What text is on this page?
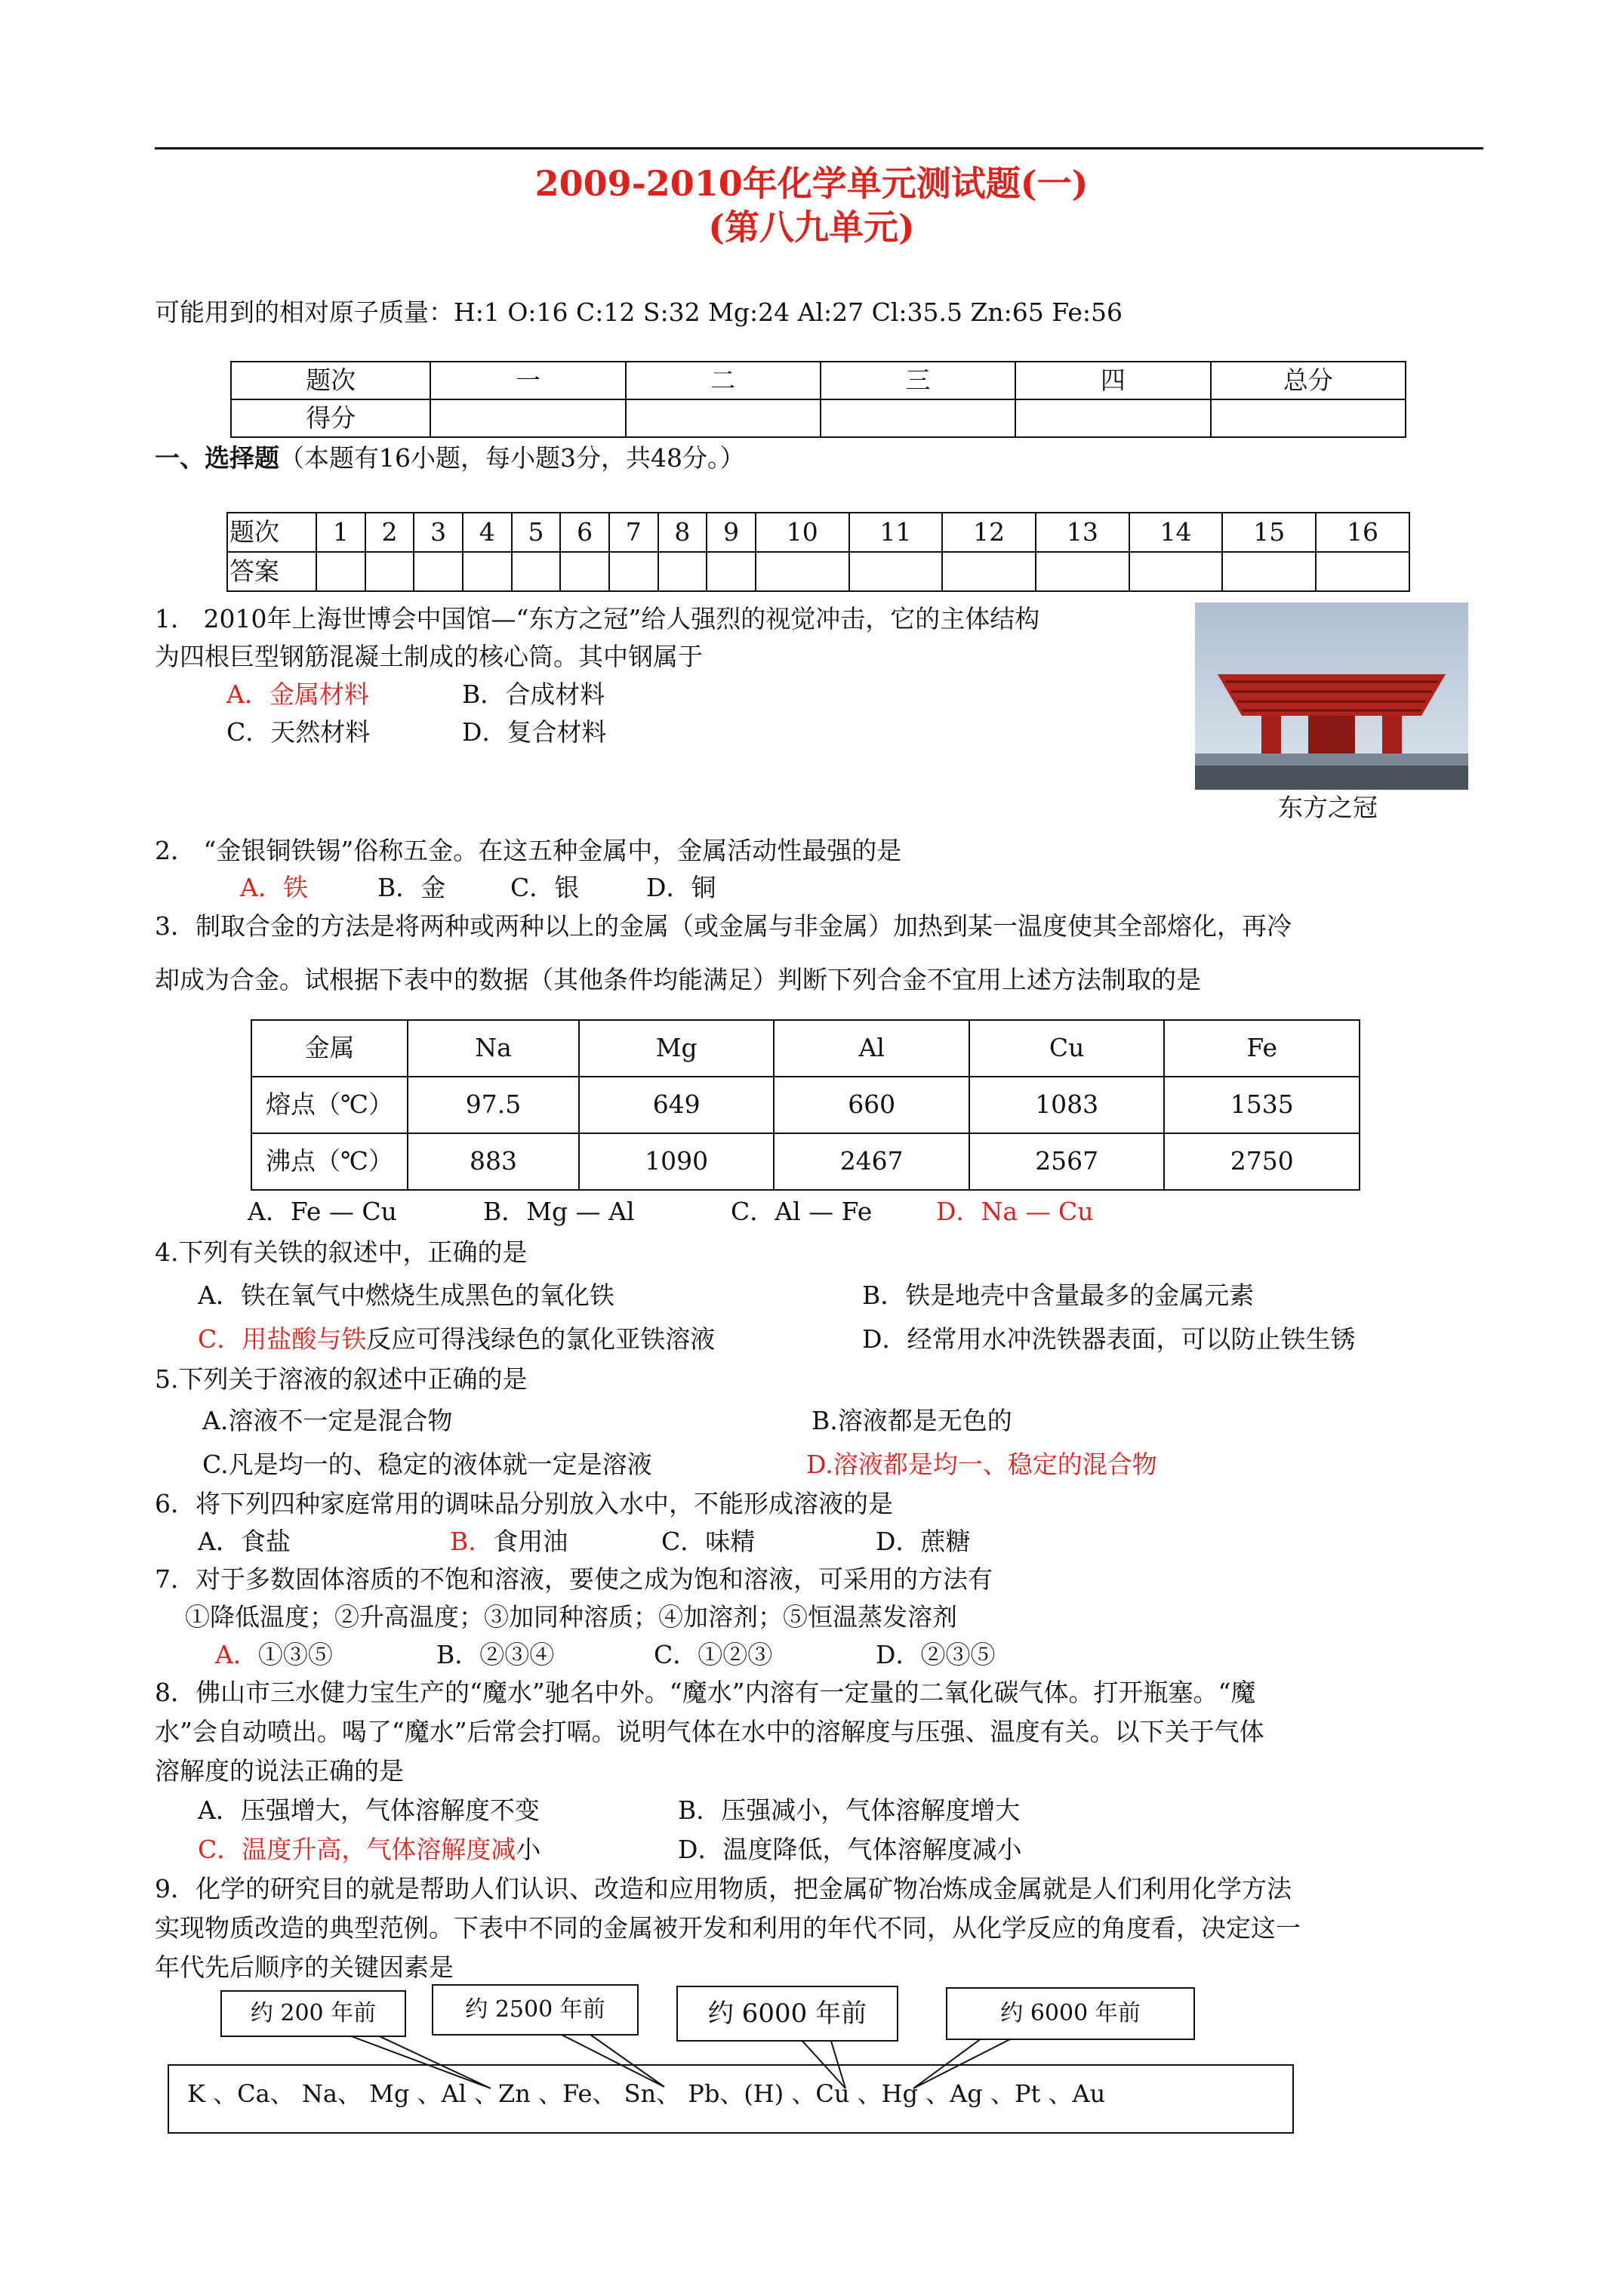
2009-2010年化学单元测试题(一)
(第八九单元)
可能用到的相对原子质量：H:1 O:16 C:12 S:32 Mg:24 Al:27 Cl:35.5 Zn:65 Fe:56
题次	一	二	三	四	总分
得分					
一、选择题（本题有16小题，每小题3分，共48分。）
题次	1	2	3	4	5	6	7	8	9	10	11	12	13	14	15	16
答案																
1． 2010年上海世博会中国馆—“东方之冠”给人强烈的视觉冲击，它的主体结构
为四根巨型钢筋混凝土制成的核心筒。其中钢属于
A．金属材料	B．合成材料
C．天然材料	D．复合材料
东方之冠
2． “金银铜铁锡”俗称五金。在这五种金属中，金属活动性最强的是
A．铁	B．金	C．银	D．铜
3．制取合金的方法是将两种或两种以上的金属（或金属与非金属）加热到某一温度使其全部熔化，再冷
却成为合金。试根据下表中的数据（其他条件均能满足）判断下列合金不宜用上述方法制取的是
金属	Na	Mg	Al	Cu	Fe
熔点（℃）	97.5	649	660	1083	1535
沸点（℃）	883	1090	2467	2567	2750
A．Fe — Cu	B．Mg — Al	C．Al — Fe	D．Na — Cu
4.下列有关铁的叙述中，正确的是
A．铁在氧气中燃烧生成黑色的氧化铁	B．铁是地壳中含量最多的金属元素
C．用盐酸与铁反应可得浅绿色的氯化亚铁溶液	D．经常用水冲洗铁器表面，可以防止铁生锈
5.下列关于溶液的叙述中正确的是
A.溶液不一定是混合物	B.溶液都是无色的
C.凡是均一的、稳定的液体就一定是溶液	D.溶液都是均一、稳定的混合物
6．将下列四种家庭常用的调味品分别放入水中，不能形成溶液的是
A．食盐	B．食用油	C．味精	D．蔗糖
7．对于多数固体溶质的不饱和溶液，要使之成为饱和溶液，可采用的方法有
①降低温度；②升高温度；③加同种溶质；④加溶剂；⑤恒温蒸发溶剂
A．①③⑤	B．②③④	C．①②③	D．②③⑤
8．佛山市三水健力宝生产的“魔水”驰名中外。“魔水”内溶有一定量的二氧化碳气体。打开瓶塞。“魔
水”会自动喷出。喝了“魔水”后常会打嗝。说明气体在水中的溶解度与压强、温度有关。以下关于气体
溶解度的说法正确的是
A．压强增大，气体溶解度不变	B．压强减小，气体溶解度增大
C．温度升高，气体溶解度减小	D．温度降低，气体溶解度减小
9．化学的研究目的就是帮助人们认识、改造和应用物质，把金属矿物冶炼成金属就是人们利用化学方法
实现物质改造的典型范例。下表中不同的金属被开发和利用的年代不同，从化学反应的角度看，决定这一
年代先后顺序的关键因素是
约 200 年前	约 2500 年前	约 6000 年前	约 6000 年前
K 、Ca、 Na、 Mg 、Al 、Zn 、Fe、 Sn、 Pb、(H) 、Cu 、Hg 、Ag 、Pt 、Au
